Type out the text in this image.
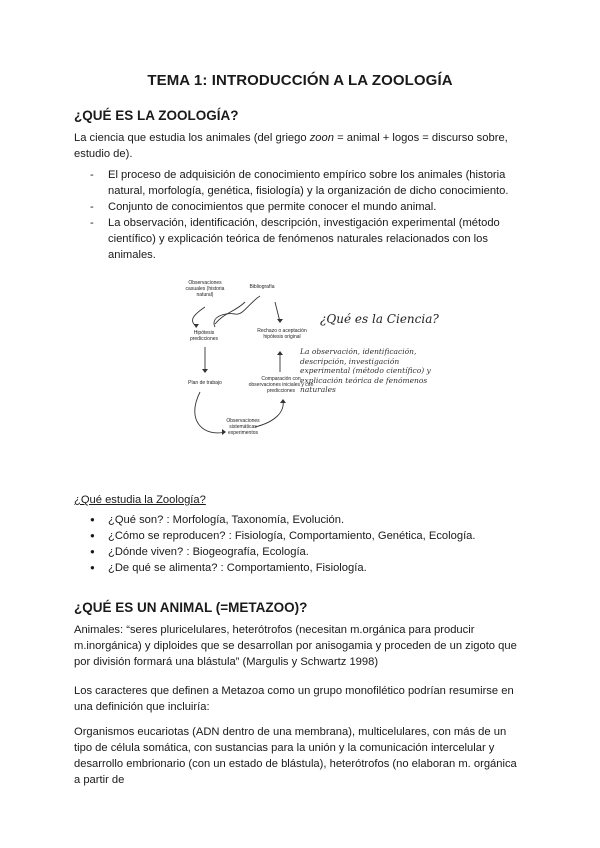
TEMA 1: INTRODUCCIÓN A LA ZOOLOGÍA
¿QUÉ ES LA ZOOLOGÍA?
La ciencia que estudia los animales (del griego zoon = animal + logos = discurso sobre, estudio de).
- El proceso de adquisición de conocimiento empírico sobre los animales (historia natural, morfología, genética, fisiología) y la organización de dicho conocimiento.
- Conjunto de conocimientos que permite conocer el mundo animal.
- La observación, identificación, descripción, investigación experimental (método científico) y explicación teórica de fenómenos naturales relacionados con los animales.
Observaciones casuales (historia natural)
Bibliografía
Hipótesis predicciones
Rechazo o aceptación hipótesis original
Plan de trabajo
Comparación con observaciones iniciales y con predicciones
Observaciones sistemáticas experimentos
¿Qué es la Ciencia?
La observación, identificación, descripción, investigación experimental (método científico) y explicación teórica de fenómenos naturales
¿Qué estudia la Zoología?
● ¿Qué son? : Morfología, Taxonomía, Evolución.
● ¿Cómo se reproducen? : Fisiología, Comportamiento, Genética, Ecología.
● ¿Dónde viven? : Biogeografía, Ecología.
● ¿De qué se alimenta? : Comportamiento, Fisiología.
¿QUÉ ES UN ANIMAL (=METAZOO)?
Animales: “seres pluricelulares, heterótrofos (necesitan m.orgánica para producir m.inorgánica) y diploides que se desarrollan por anisogamia y proceden de un zigoto que por división formará una blástula” (Margulis y Schwartz 1998)
Los caracteres que definen a Metazoa como un grupo monofilético podrían resumirse en una definición que incluiría:
Organismos eucariotas (ADN dentro de una membrana), multicelulares, con más de un tipo de célula somática, con sustancias para la unión y la comunicación intercelular y desarrollo embrionario (con un estado de blástula), heterótrofos (no elaboran m. orgánica a partir de
